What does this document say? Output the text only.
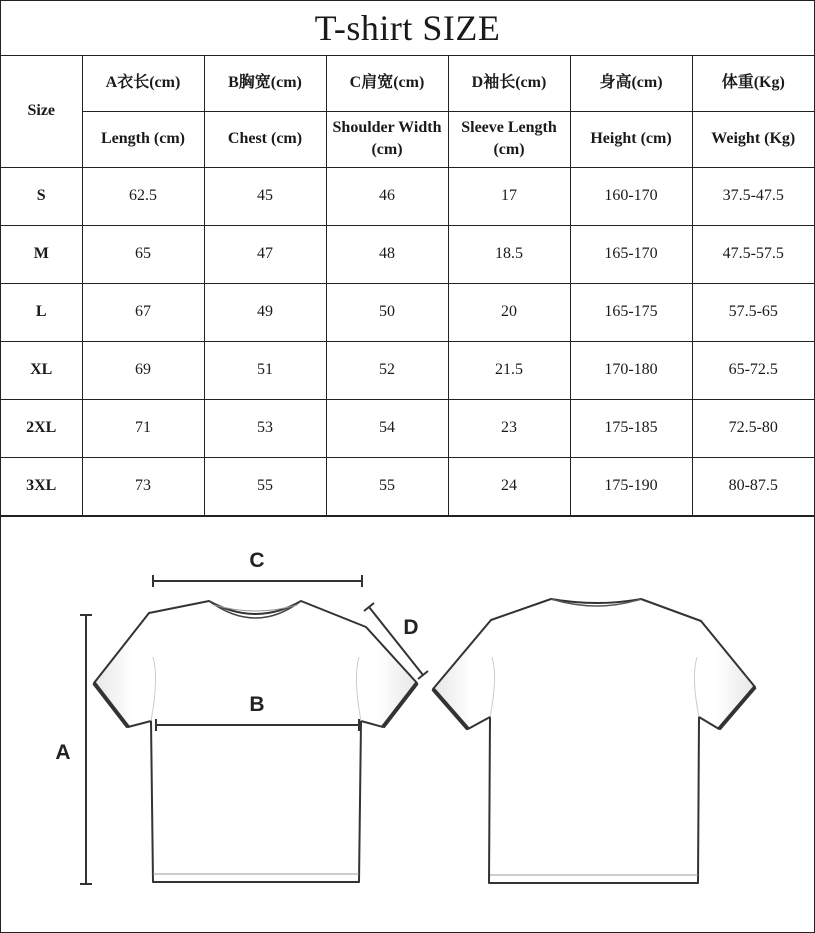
T-shirt SIZE
Size	A衣长(cm)	B胸宽(cm)	C肩宽(cm)	D袖长(cm)	身高(cm)	体重(Kg)
	Length (cm)	Chest (cm)	Shoulder Width (cm)	Sleeve Length (cm)	Height (cm)	Weight (Kg)
S	62.5	45	46	17	160-170	37.5-47.5
M	65	47	48	18.5	165-170	47.5-57.5
L	67	49	50	20	165-175	57.5-65
XL	69	51	52	21.5	170-180	65-72.5
2XL	71	53	54	23	175-185	72.5-80
3XL	73	55	55	24	175-190	80-87.5
A
B
C
D
